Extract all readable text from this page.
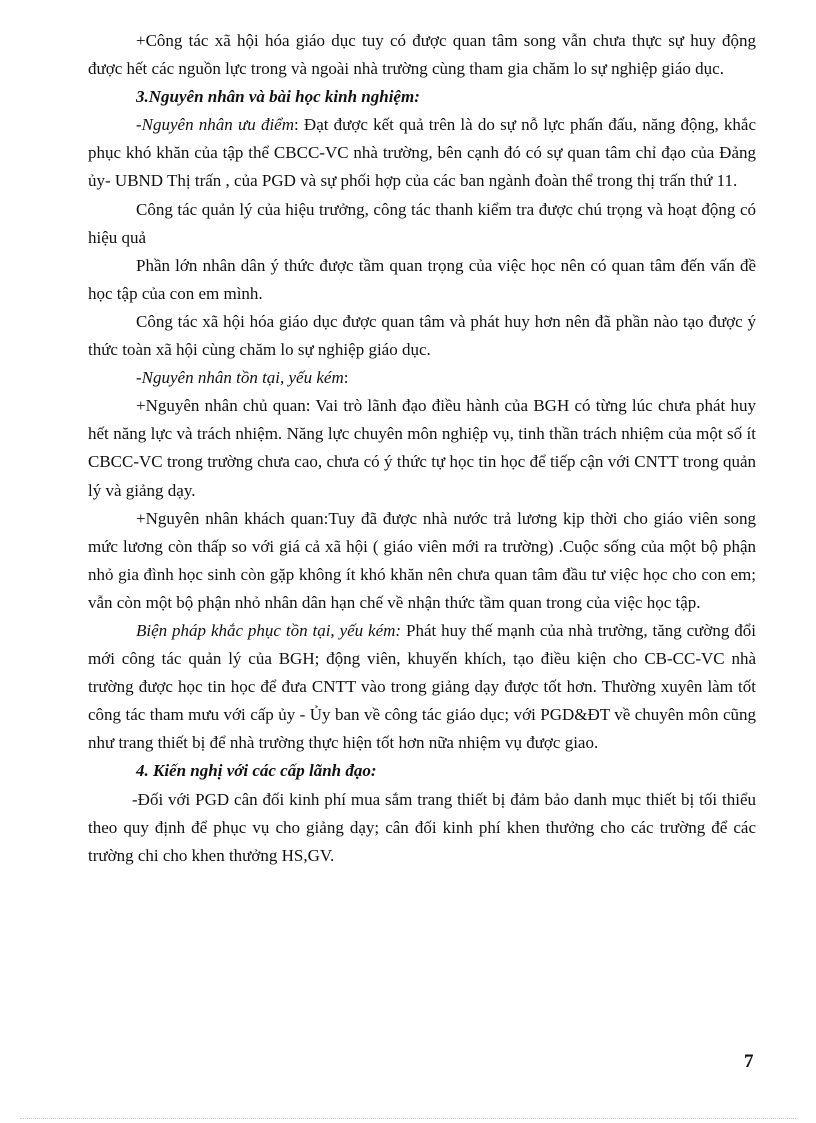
+Công tác xã hội hóa giáo dục tuy có được quan tâm song vẫn chưa thực sự huy động được hết các nguồn lực trong và ngoài nhà trường cùng tham gia chăm lo sự nghiệp giáo dục.

3.Nguyên nhân và bài học kinh nghiệm:

-Nguyên nhân ưu điểm: Đạt được kết quả trên là do sự nỗ lực phấn đấu, năng động, khắc phục khó khăn của tập thể CBCC-VC nhà trường, bên cạnh đó có sự quan tâm chỉ đạo của Đảng ủy- UBND Thị trấn , của PGD và sự phối hợp của các ban ngành đoàn thể trong thị trấn thứ 11.

Công tác quản lý của hiệu trưởng, công tác thanh kiểm tra được chú trọng và hoạt động có hiệu quả

Phần lớn nhân dân ý thức được tầm quan trọng của việc học nên có quan tâm đến vấn đề học tập của con em mình.

Công tác xã hội hóa giáo dục được quan tâm và phát huy hơn nên đã phần nào tạo được ý thức toàn xã hội cùng chăm lo sự nghiệp giáo dục.

-Nguyên nhân tồn tại, yếu kém:

+Nguyên nhân chủ quan: Vai trò lãnh đạo điều hành của BGH có từng lúc chưa phát huy hết năng lực và trách nhiệm. Năng lực chuyên môn nghiệp vụ, tinh thần trách nhiệm của một số ít CBCC-VC trong trường chưa cao, chưa có ý thức tự học tin học để tiếp cận với CNTT trong quản lý và giảng dạy.

+Nguyên nhân khách quan:Tuy đã được nhà nước trả lương kịp thời cho giáo viên song mức lương còn thấp so với giá cả xã hội ( giáo viên mới ra trường) .Cuộc sống của một bộ phận nhỏ gia đình học sinh còn gặp không ít khó khăn nên chưa quan tâm đầu tư việc học cho con em; vẫn còn một bộ phận nhỏ nhân dân hạn chế về nhận thức tầm quan trong của việc học tập.

Biện pháp khắc phục tồn tại, yếu kém: Phát huy thế mạnh của nhà trường, tăng cường đổi mới công tác quản lý của BGH; động viên, khuyến khích, tạo điều kiện cho CB-CC-VC nhà trường được học tin học để đưa CNTT vào trong giảng dạy được tốt hơn. Thường xuyên làm tốt công tác tham mưu với cấp ủy - Ủy ban về công tác giáo dục; với PGD&ĐT về chuyên môn cũng như trang thiết bị để nhà trường thực hiện tốt hơn nữa nhiệm vụ được giao.

4. Kiến nghị với các cấp lãnh đạo:

-Đối với PGD cân đối kinh phí mua sắm trang thiết bị đảm bảo danh mục thiết bị tối thiểu theo quy định để phục vụ cho giảng dạy; cân đối kinh phí khen thưởng cho các trường để các trường chi cho khen thưởng HS,GV.

7
